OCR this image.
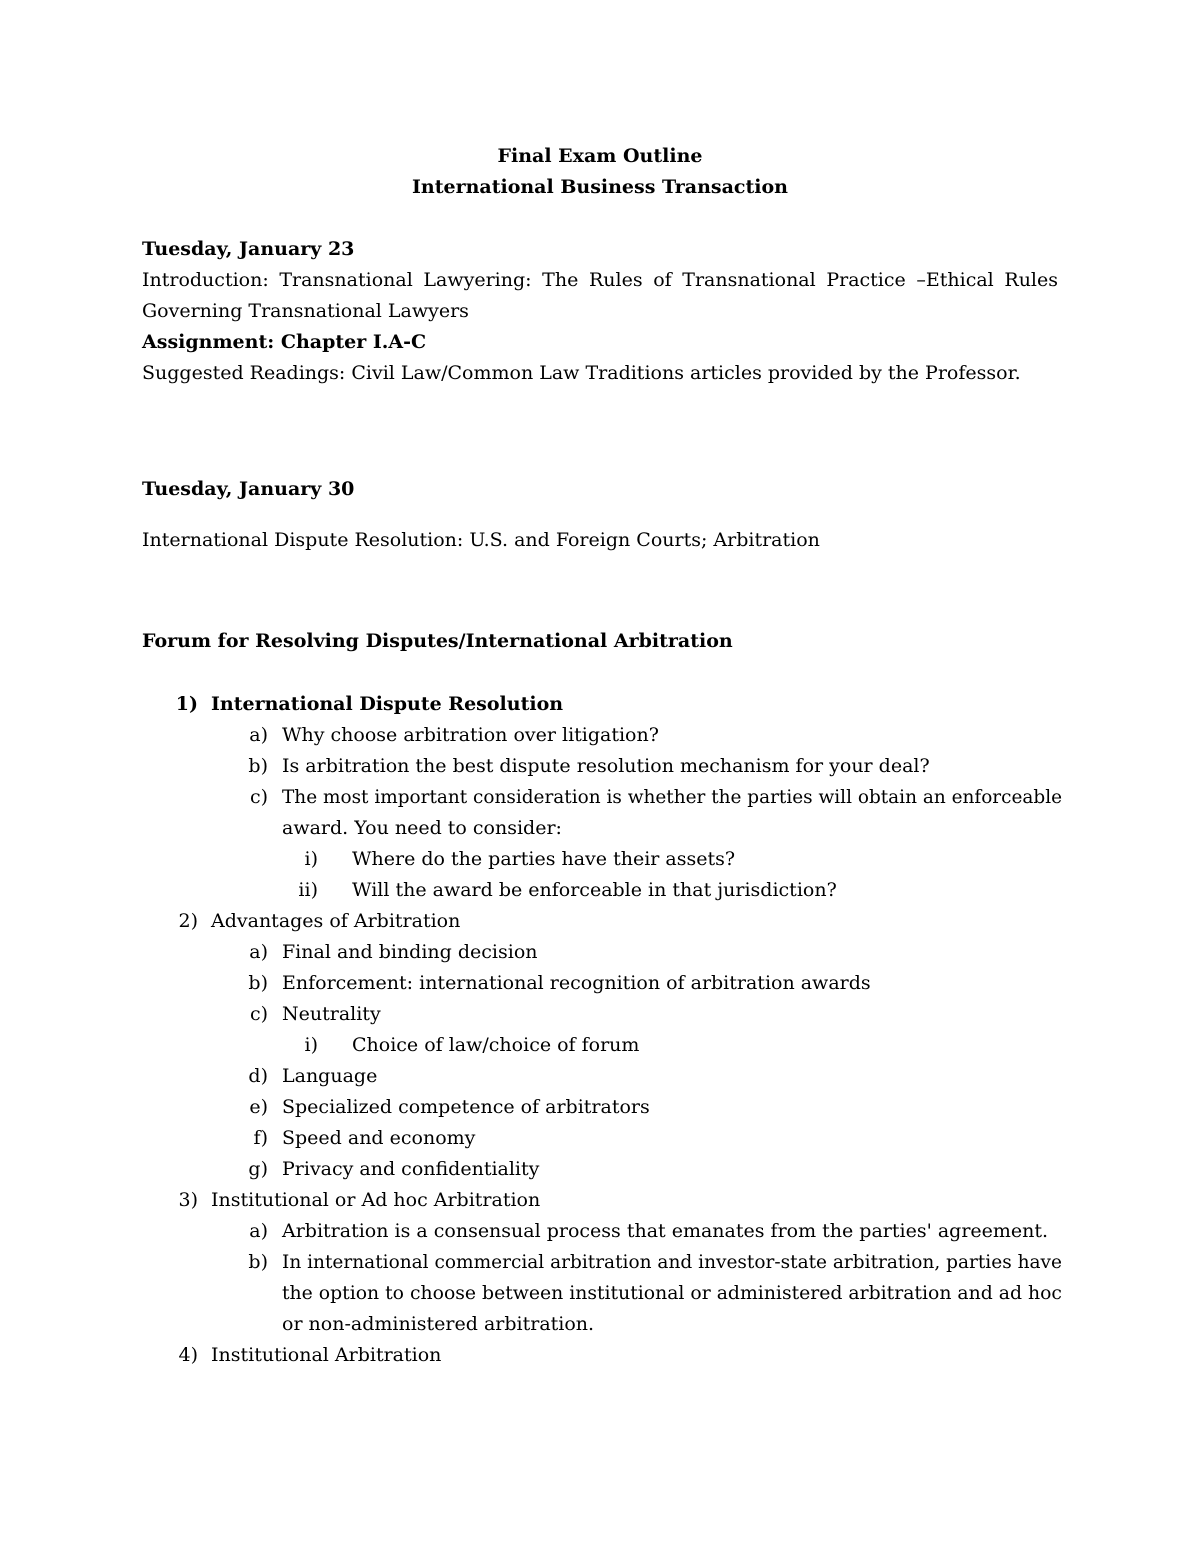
Final Exam Outline
International Business Transaction
Tuesday, January 23
Introduction: Transnational Lawyering: The Rules of Transnational Practice –Ethical Rules
Governing Transnational Lawyers
Assignment: Chapter I.A-C
Suggested Readings: Civil Law/Common Law Traditions articles provided by the Professor.
Tuesday, January 30
International Dispute Resolution: U.S. and Foreign Courts; Arbitration
Forum for Resolving Disputes/International Arbitration
1) International Dispute Resolution
a) Why choose arbitration over litigation?
b) Is arbitration the best dispute resolution mechanism for your deal?
c) The most important consideration is whether the parties will obtain an enforceable
award. You need to consider:
i) Where do the parties have their assets?
ii) Will the award be enforceable in that jurisdiction?
2) Advantages of Arbitration
a) Final and binding decision
b) Enforcement: international recognition of arbitration awards
c) Neutrality
i) Choice of law/choice of forum
d) Language
e) Specialized competence of arbitrators
f) Speed and economy
g) Privacy and confidentiality
3) Institutional or Ad hoc Arbitration
a) Arbitration is a consensual process that emanates from the parties' agreement.
b) In international commercial arbitration and investor-state arbitration, parties have
the option to choose between institutional or administered arbitration and ad hoc
or non-administered arbitration.
4) Institutional Arbitration
